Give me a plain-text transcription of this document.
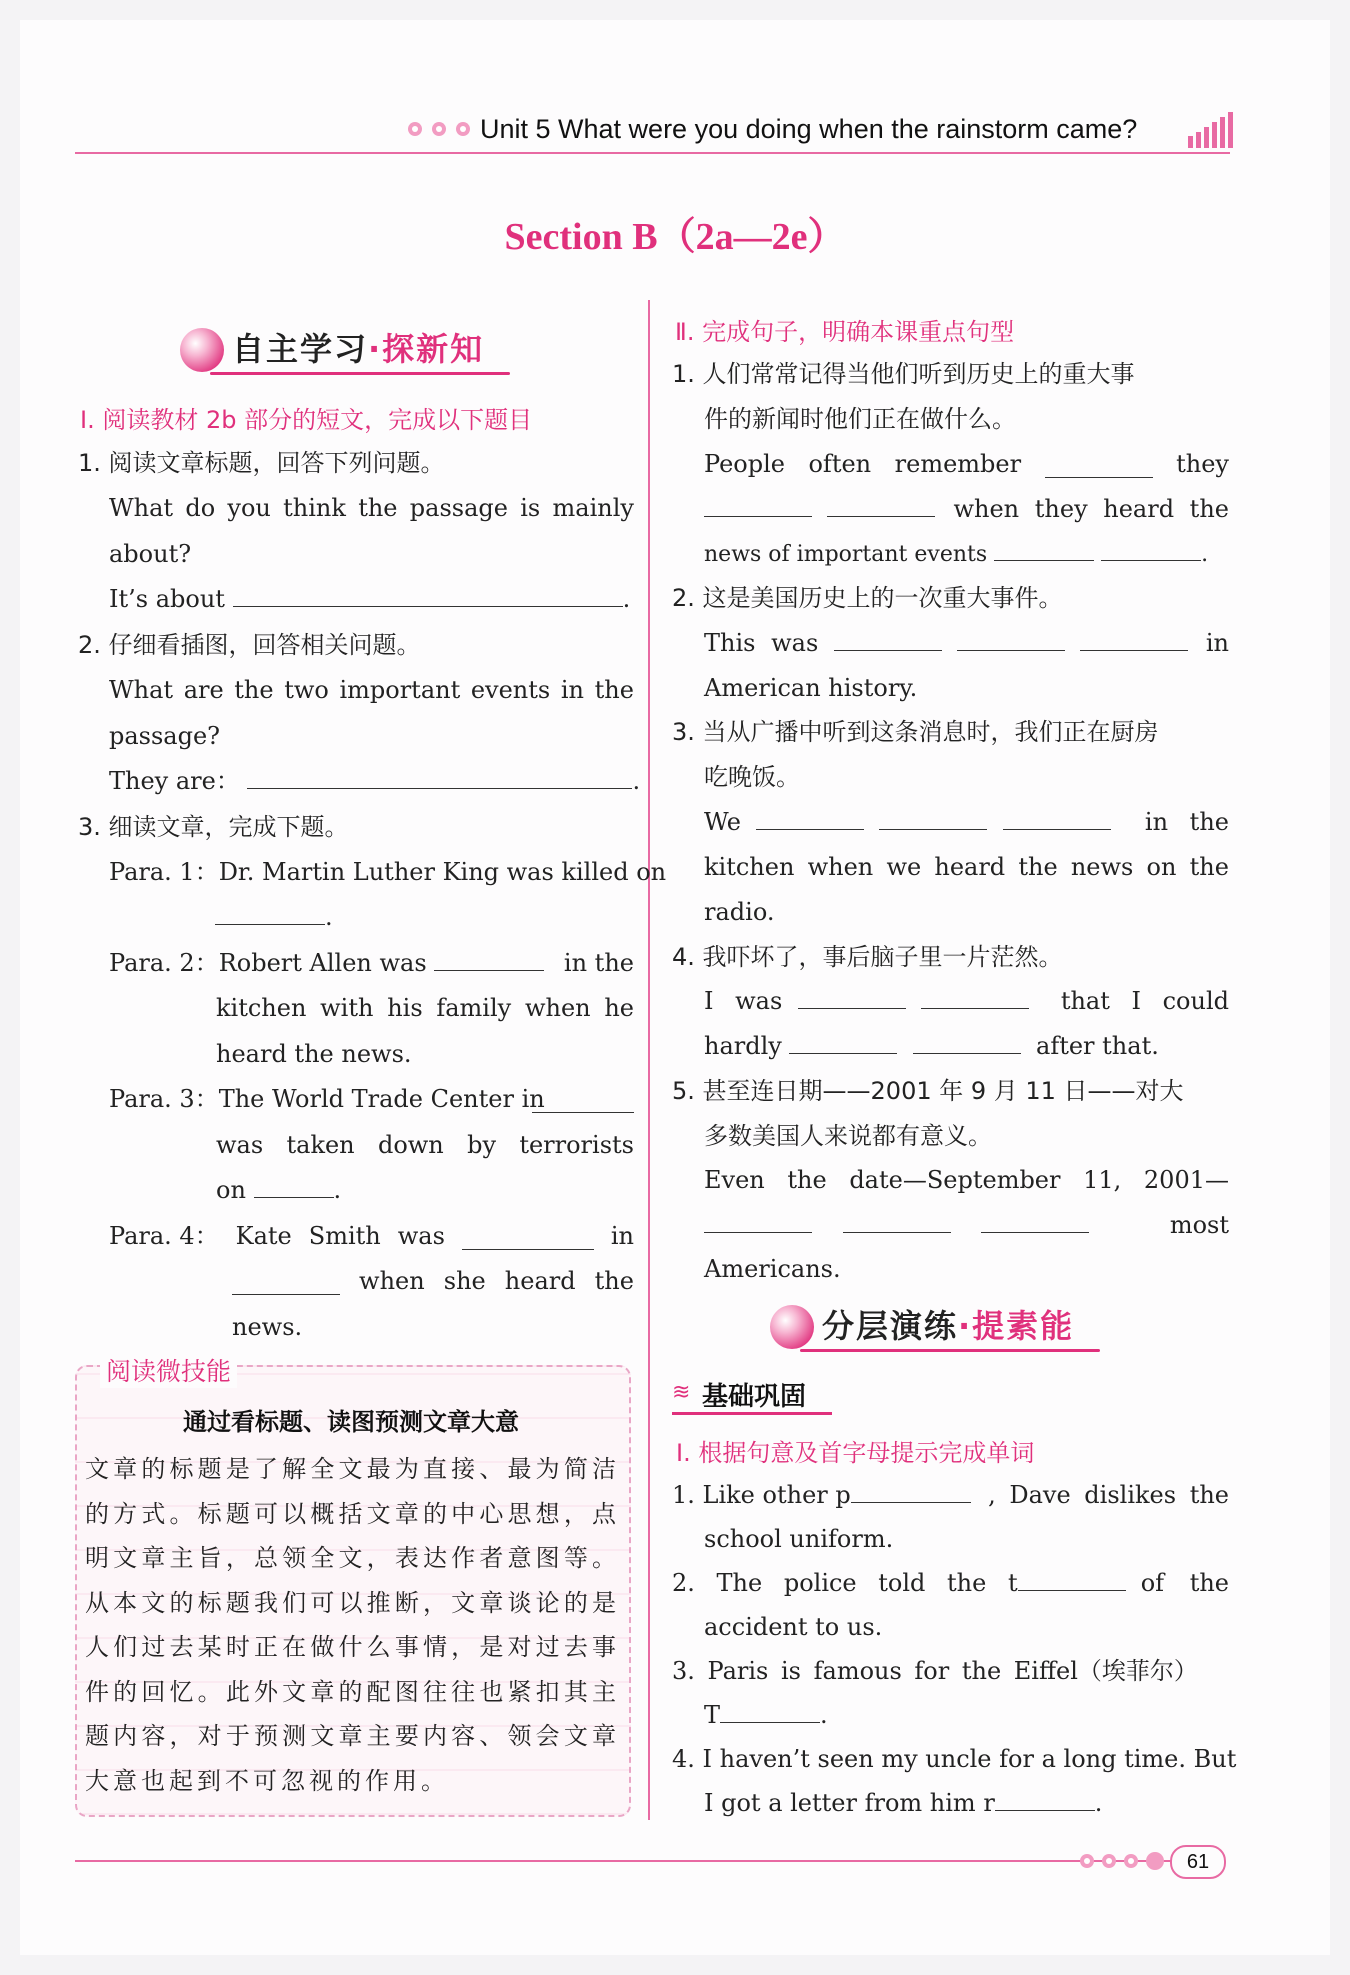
Unit 5 What were you doing when the rainstorm came?
Section B（2a—2e）
自主学习·探新知
Ⅰ. 阅读教材 2b 部分的短文，完成以下题目
1. 阅读文章标题，回答下列问题。
What do you think the passage is mainly
about?
It’s about	.
2. 仔细看插图，回答相关问题。
What are the two important events in the
passage?
They are：	.
3. 细读文章，完成下题。
Para. 1：Dr. Martin Luther King was killed on
.
Para. 2：Robert Allen was	in the
kitchen with his family when he
heard the news.
Para. 3：The World Trade Center in
was taken down by terrorists
on	.
Para. 4： Kate Smith was	in
when she heard the
news.
阅读微技能
通过看标题、读图预测文章大意
文章的标题是了解全文最为直接、最为简洁的方式。标题可以概括文章的中心思想，点明文章主旨，总领全文，表达作者意图等。从本文的标题我们可以推断，文章谈论的是人们过去某时正在做什么事情，是对过去事件的回忆。此外文章的配图往往也紧扣其主题内容，对于预测文章主要内容、领会文章大意也起到不可忽视的作用。
Ⅱ. 完成句子，明确本课重点句型
1. 人们常常记得当他们听到历史上的重大事
件的新闻时他们正在做什么。
People often remember	they

when they heard the
news of important events	.
2. 这是美国历史上的一次重大事件。
This was	in
American history.
3. 当从广播中听到这条消息时，我们正在厨房
吃晚饭。
We	in the
kitchen when we heard the news on the
radio.
4. 我吓坏了，事后脑子里一片茫然。
I was	that I could
hardly	after that.
5. 甚至连日期——2001 年 9 月 11 日——对大
多数美国人来说都有意义。
Even the date—September 11, 2001—

most
Americans.
分层演练·提素能
≋ 基础巩固
Ⅰ. 根据句意及首字母提示完成单词
1. Like other p	, Dave dislikes the
school uniform.
2. The police told the t	of the
accident to us.
3. Paris is famous for the Eiffel（埃菲尔）
T	.
4. I haven’t seen my uncle for a long time. But
I got a letter from him r	.
61
